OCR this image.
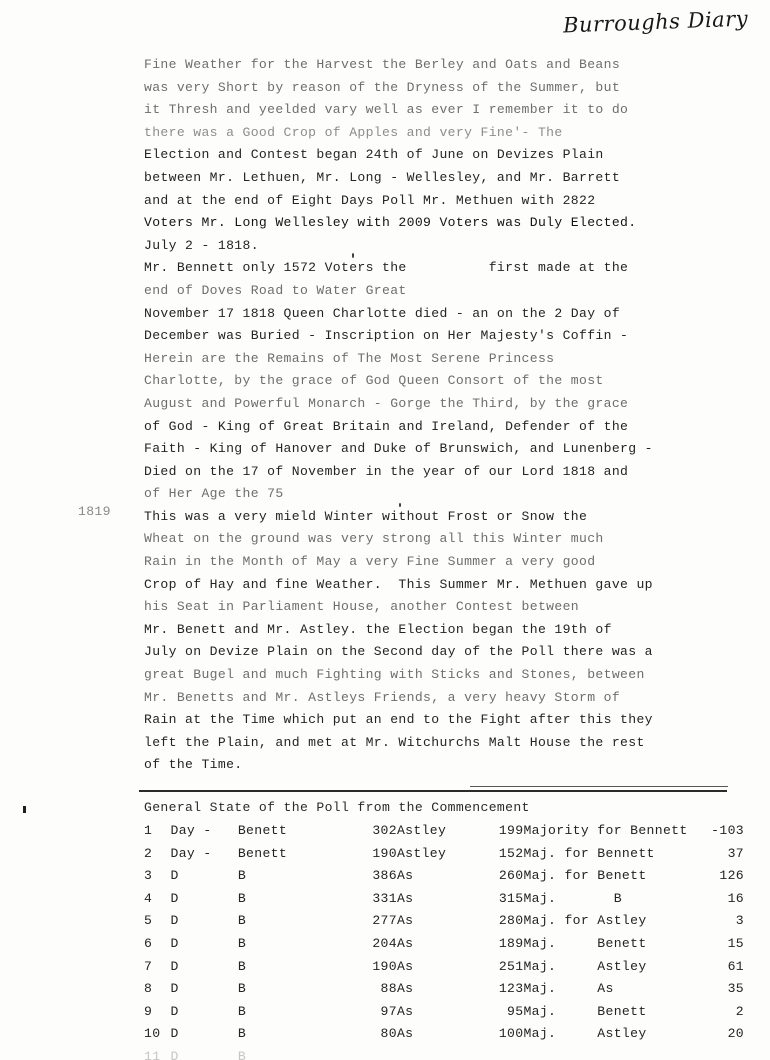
Burroughs Diary
Fine Weather for the Harvest the Berley and Oats and Beans
was very Short by reason of the Dryness of the Summer, but
it Thresh and yeelded vary well as ever I remember it to do
there was a Good Crop of Apples and very Fine'- The
Election and Contest began 24th of June on Devizes Plain
between Mr. Lethuen, Mr. Long - Wellesley, and Mr. Barrett
and at the end of Eight Days Poll Mr. Methuen with 2822
Voters Mr. Long Wellesley with 2009 Voters was Duly Elected.
July 2 - 1818.
Mr. Bennett only 1572 Voters the          first made at the
end of Doves Road to Water Great
November 17 1818 Queen Charlotte died - an on the 2 Day of
December was Buried - Inscription on Her Majesty's Coffin -
Herein are the Remains of The Most Serene Princess
Charlotte, by the grace of God Queen Consort of the most
August and Powerful Monarch - Gorge the Third, by the grace
of God - King of Great Britain and Ireland, Defender of the
Faith - King of Hanover and Duke of Brunswich, and Lunenberg -
Died on the 17 of November in the year of our Lord 1818 and
of Her Age the 75
This was a very mield Winter without Frost or Snow the
Wheat on the ground was very strong all this Winter much
Rain in the Month of May a very Fine Summer a very good
Crop of Hay and fine Weather.  This Summer Mr. Methuen gave up
his Seat in Parliament House, another Contest between
Mr. Benett and Mr. Astley. the Election began the 19th of
July on Devize Plain on the Second day of the Poll there was a
great Bugel and much Fighting with Sticks and Stones, between
Mr. Benetts and Mr. Astleys Friends, a very heavy Storm of
Rain at the Time which put an end to the Fight after this they
left the Plain, and met at Mr. Witchurchs Malt House the rest
of the Time.
1819
General State of the Poll from the Commencement
1	Day -	Benett	302	Astley	199	Majority for Bennett	-103
2	Day -	Benett	190	Astley	152	Maj. for Bennett	37
3	D	B	386	As	260	Maj. for Benett	126
4	D	B	331	As	315	Maj.       B	16
5	D	B	277	As	280	Maj. for Astley	3
6	D	B	204	As	189	Maj.     Benett	15
7	D	B	190	As	251	Maj.     Astley	61
8	D	B	88	As	123	Maj.     As	35
9	D	B	97	As	95	Maj.     Benett	2
10	D	B	80	As	100	Maj.     Astley	20
11	D	B					
